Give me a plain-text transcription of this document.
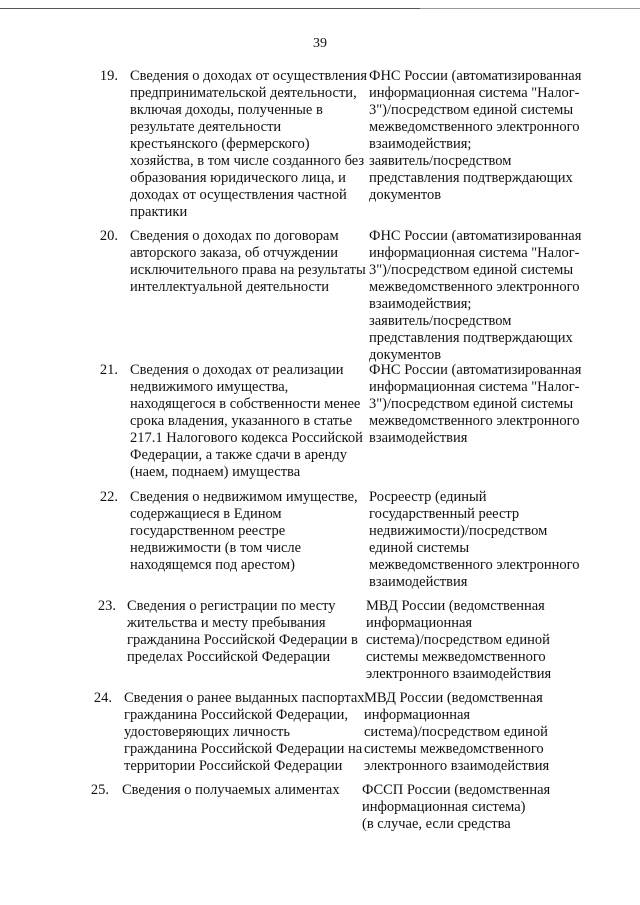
39
19. Сведения о доходах от осуществления
предпринимательской деятельности,
включая доходы, полученные в
результате деятельности
крестьянского (фермерского)
хозяйства, в том числе созданного без
образования юридического лица, и
доходах от осуществления частной
практики
ФНС России (автоматизированная
информационная система "Налог-
3")/посредством единой системы
межведомственного электронного
взаимодействия;
заявитель/посредством
представления подтверждающих
документов
20. Сведения о доходах по договорам
авторского заказа, об отчуждении
исключительного права на результаты
интеллектуальной деятельности
ФНС России (автоматизированная
информационная система "Налог-
3")/посредством единой системы
межведомственного электронного
взаимодействия;
заявитель/посредством
представления подтверждающих
документов
21. Сведения о доходах от реализации
недвижимого имущества,
находящегося в собственности менее
срока владения, указанного в статье
217.1 Налогового кодекса Российской
Федерации, а также сдачи в аренду
(наем, поднаем) имущества
ФНС России (автоматизированная
информационная система "Налог-
3")/посредством единой системы
межведомственного электронного
взаимодействия
22. Сведения о недвижимом имуществе,
содержащиеся в Едином
государственном реестре
недвижимости (в том числе
находящемся под арестом)
Росреестр (единый
государственный реестр
недвижимости)/посредством
единой системы
межведомственного электронного
взаимодействия
23. Сведения о регистрации по месту
жительства и месту пребывания
гражданина Российской Федерации в
пределах Российской Федерации
МВД России (ведомственная
информационная
система)/посредством единой
системы межведомственного
электронного взаимодействия
24. Сведения о ранее выданных паспортах
гражданина Российской Федерации,
удостоверяющих личность
гражданина Российской Федерации на
территории Российской Федерации
МВД России (ведомственная
информационная
система)/посредством единой
системы межведомственного
электронного взаимодействия
25. Сведения о получаемых алиментах	ФССП России (ведомственная
информационная система)
(в случае, если средства
